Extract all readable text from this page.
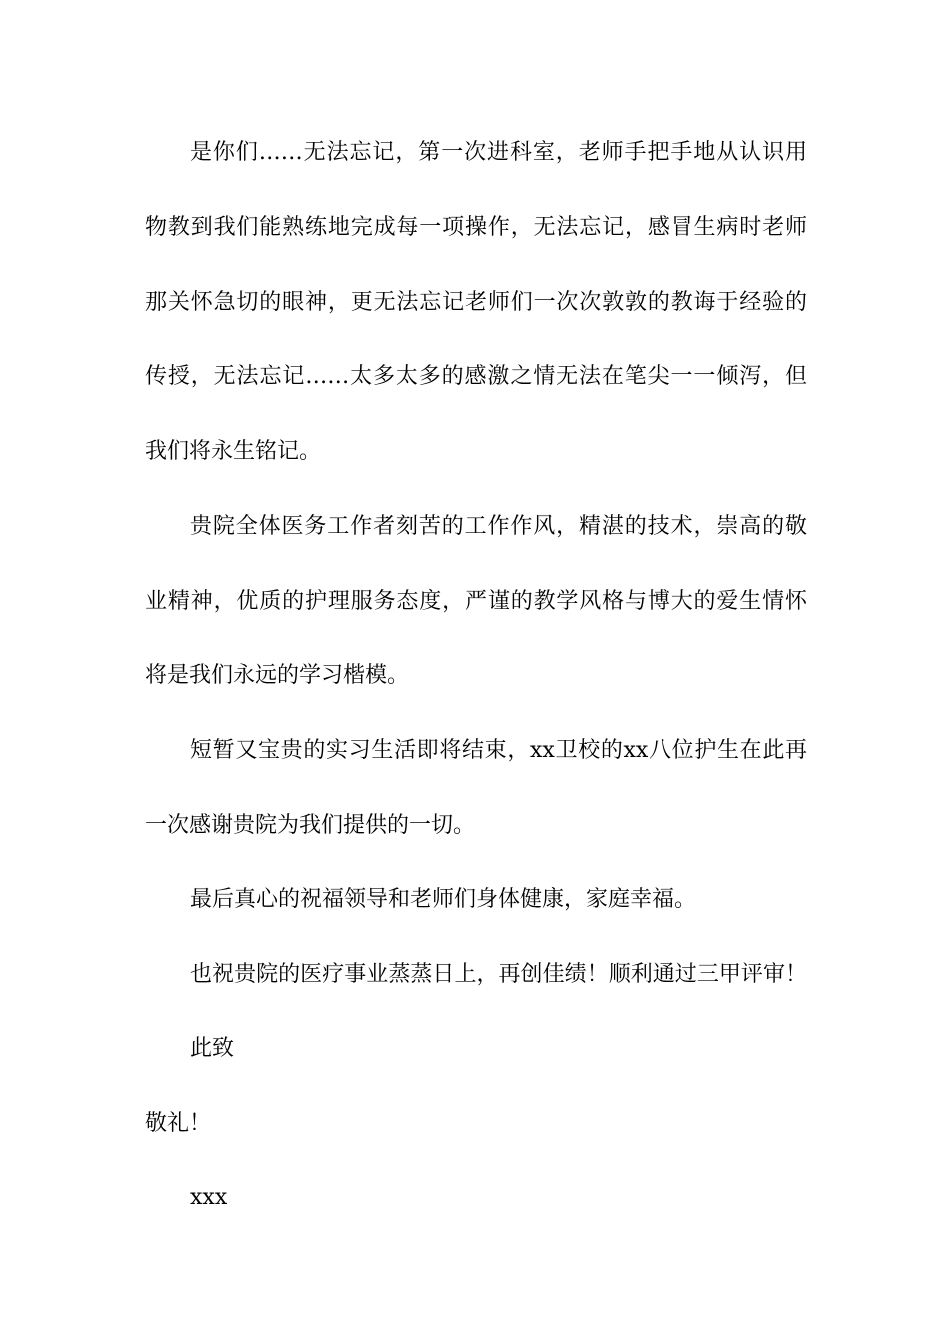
是你们……无法忘记，第一次进科室，老师手把手地从认识用
物教到我们能熟练地完成每一项操作，无法忘记，感冒生病时老师
那关怀急切的眼神，更无法忘记老师们一次次敦敦的教诲于经验的
传授，无法忘记……太多太多的感激之情无法在笔尖一一倾泻，但
我们将永生铭记。
贵院全体医务工作者刻苦的工作作风，精湛的技术，崇高的敬
业精神，优质的护理服务态度，严谨的教学风格与博大的爱生情怀
将是我们永远的学习楷模。
短暂又宝贵的实习生活即将结束，xx卫校的xx八位护生在此再
一次感谢贵院为我们提供的一切。
最后真心的祝福领导和老师们身体健康，家庭幸福。
也祝贵院的医疗事业蒸蒸日上，再创佳绩！顺利通过三甲评审！
此致
敬礼！
xxx
